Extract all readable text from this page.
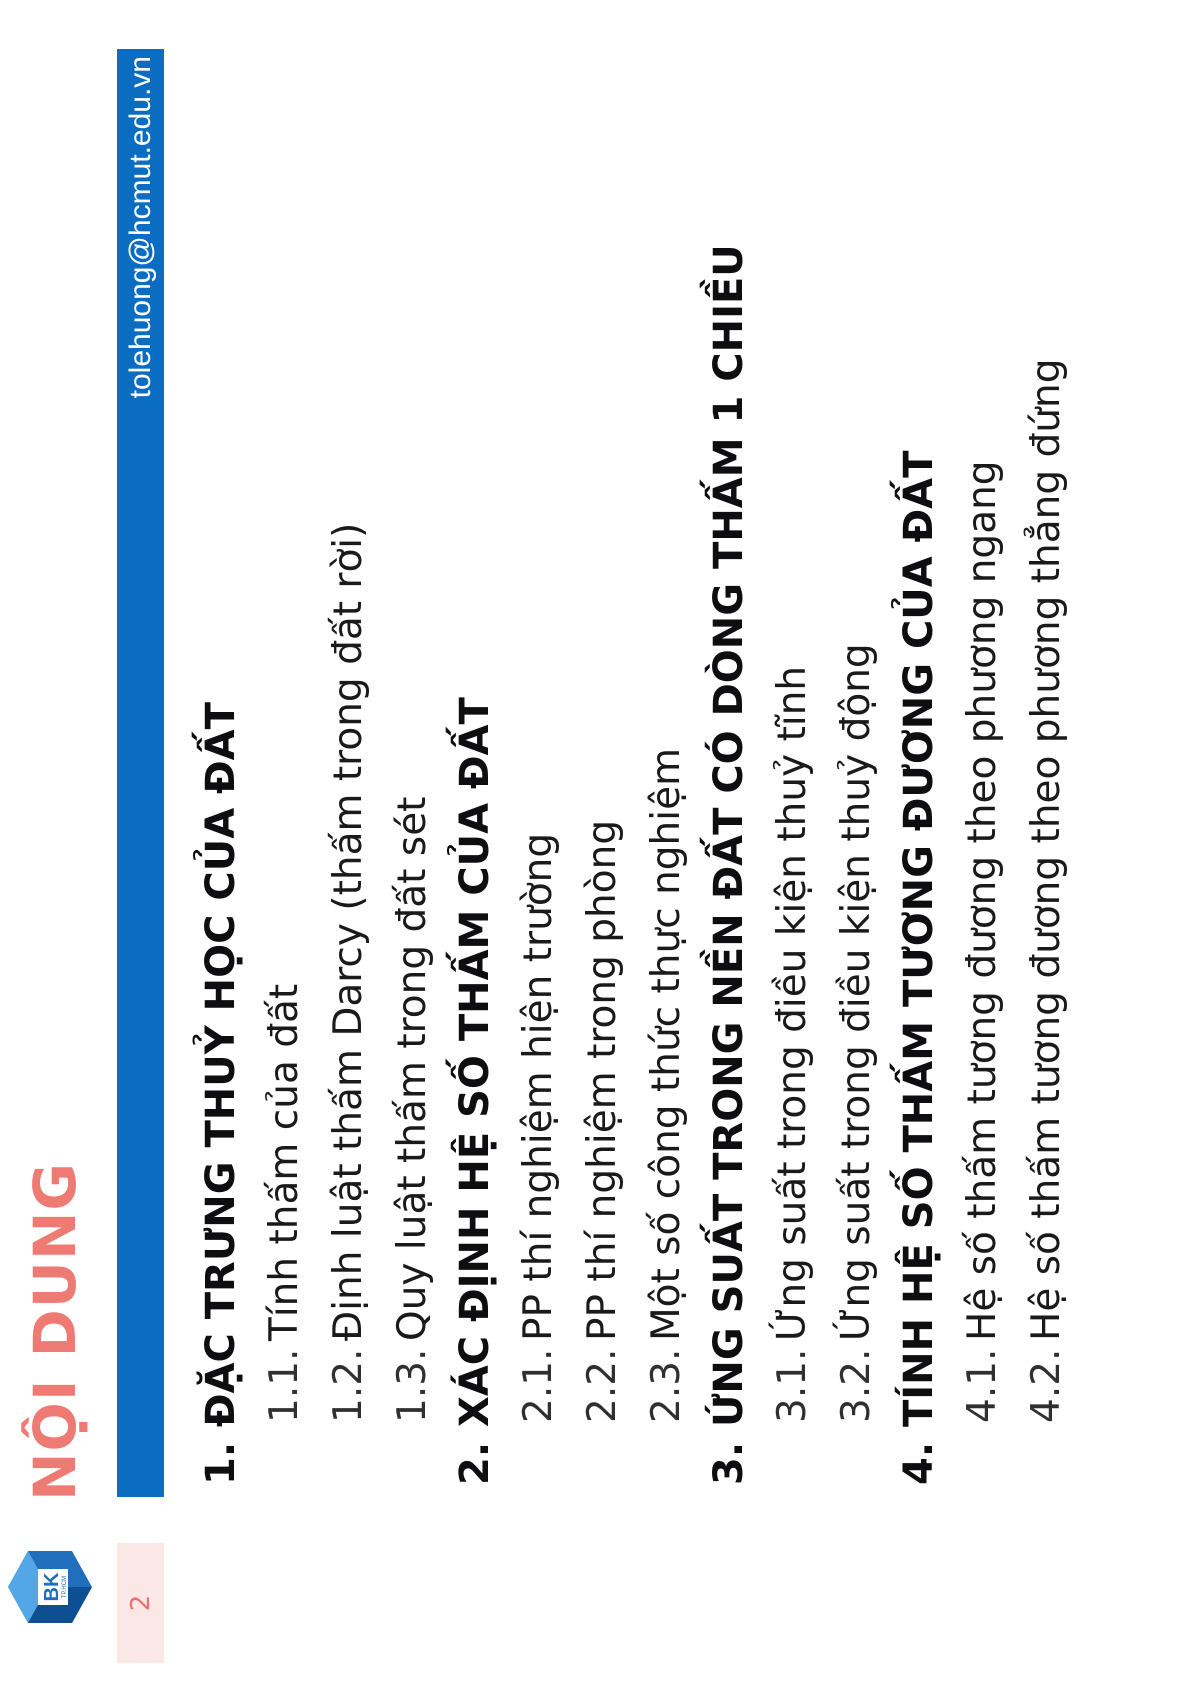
BK TP.HCM
2
NỘI DUNG
tolehuong@hcmut.edu.vn
1.
ĐẶC TRƯNG THUỶ HỌC CỦA ĐẤT 1.1.
Tính thấm của đất
1.2.
Định luật thấm Darcy (thấm trong đất rời)
1.3.
Quy luật thấm trong đất sét
2.
XÁC ĐỊNH HỆ SỐ THẤM CỦA ĐẤT 2.1.
PP thí nghiệm hiện trường
2.2.
PP thí nghiệm trong phòng
2.3.
Một số công thức thực nghiệm
3.
ỨNG SUẤT TRONG NỀN ĐẤT CÓ DÒNG THẤM 1 CHIỀU 3.1.
Ứng suất trong điều kiện thuỷ tĩnh
3.2.
Ứng suất trong điều kiện thuỷ động
4.
TÍNH HỆ SỐ THẤM TƯƠNG ĐƯƠNG CỦA ĐẤT 4.1.
Hệ số thấm tương đương theo phương ngang
4.2.
Hệ số thấm tương đương theo phương thẳng đứng
